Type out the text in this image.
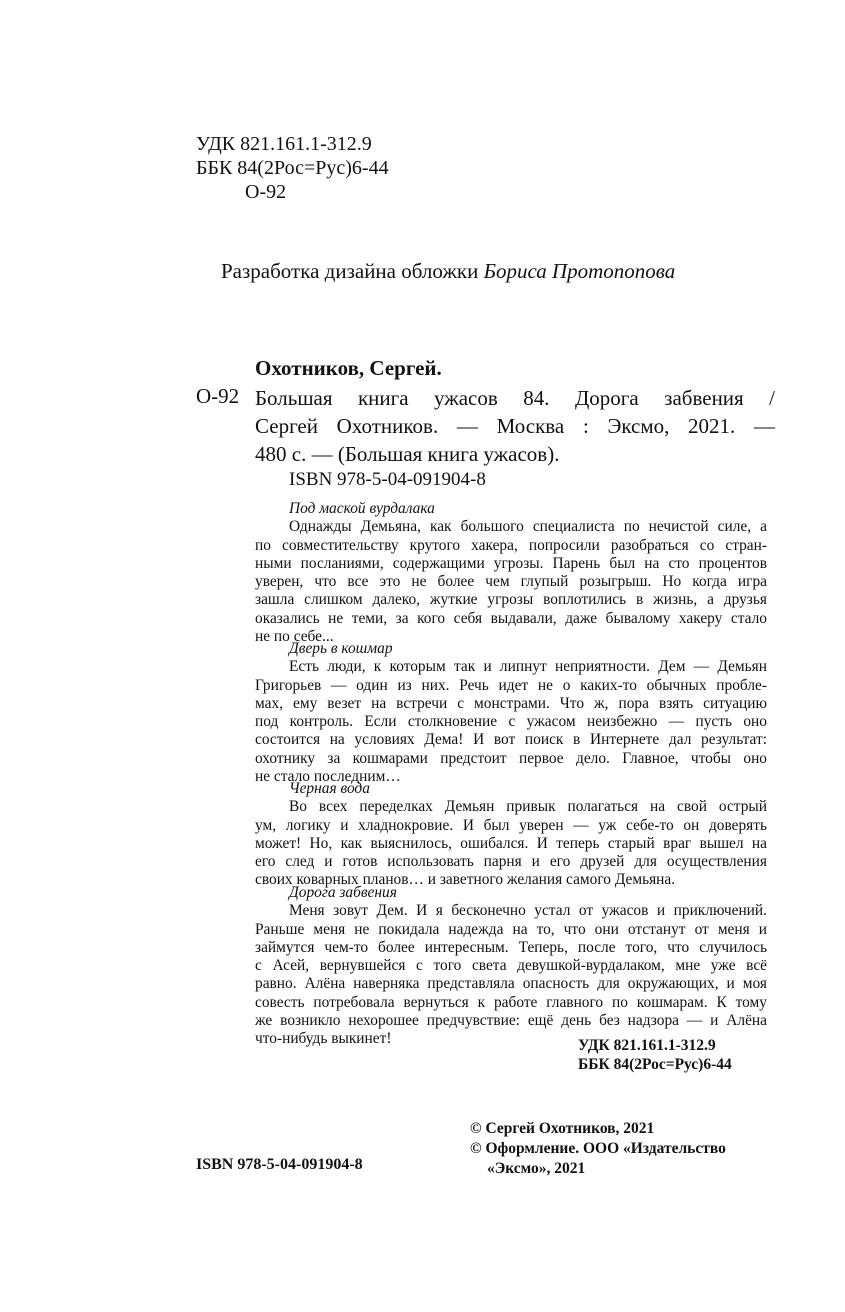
УДК 821.161.1-312.9
ББК 84(2Рос=Рус)6-44
О-92
Разработка дизайна обложки Бориса Протопопова
Охотников, Сергей.
О-92 Большая книга ужасов 84. Дорога забвения /
Сергей Охотников. — Москва : Эксмо, 2021. —
480 с. — (Большая книга ужасов).
ISBN 978-5-04-091904-8
Под маской вурдалака
Однажды Демьяна, как большого специалиста по нечистой силе, а
по совместительству крутого хакера, попросили разобраться со стран-
ными посланиями, содержащими угрозы. Парень был на сто процентов
уверен, что все это не более чем глупый розыгрыш. Но когда игра
зашла слишком далеко, жуткие угрозы воплотились в жизнь, а друзья
оказались не теми, за кого себя выдавали, даже бывалому хакеру стало
не по себе...
Дверь в кошмар
Есть люди, к которым так и липнут неприятности. Дем — Демьян
Григорьев — один из них. Речь идет не о каких-то обычных пробле-
мах, ему везет на встречи с монстрами. Что ж, пора взять ситуацию
под контроль. Если столкновение с ужасом неизбежно — пусть оно
состоится на условиях Дема! И вот поиск в Интернете дал результат:
охотнику за кошмарами предстоит первое дело. Главное, чтобы оно
не стало последним…
Черная вода
Во всех переделках Демьян привык полагаться на свой острый
ум, логику и хладнокровие. И был уверен — уж себе-то он доверять
может! Но, как выяснилось, ошибался. И теперь старый враг вышел на
его след и готов использовать парня и его друзей для осуществления
своих коварных планов… и заветного желания самого Демьяна.
Дорога забвения
Меня зовут Дем. И я бесконечно устал от ужасов и приключений.
Раньше меня не покидала надежда на то, что они отстанут от меня и
займутся чем-то более интересным. Теперь, после того, что случилось
с Асей, вернувшейся с того света девушкой-вурдалаком, мне уже всё
равно. Алёна наверняка представляла опасность для окружающих, и моя
совесть потребовала вернуться к работе главного по кошмарам. К тому
же возникло нехорошее предчувствие: ещё день без надзора — и Алёна
что-нибудь выкинет!	УДК 821.161.1-312.9
ББК 84(2Рос=Рус)6-44
© Сергей Охотников, 2021
© Оформление. ООО «Издательство
«Эксмо», 2021
ISBN 978-5-04-091904-8
